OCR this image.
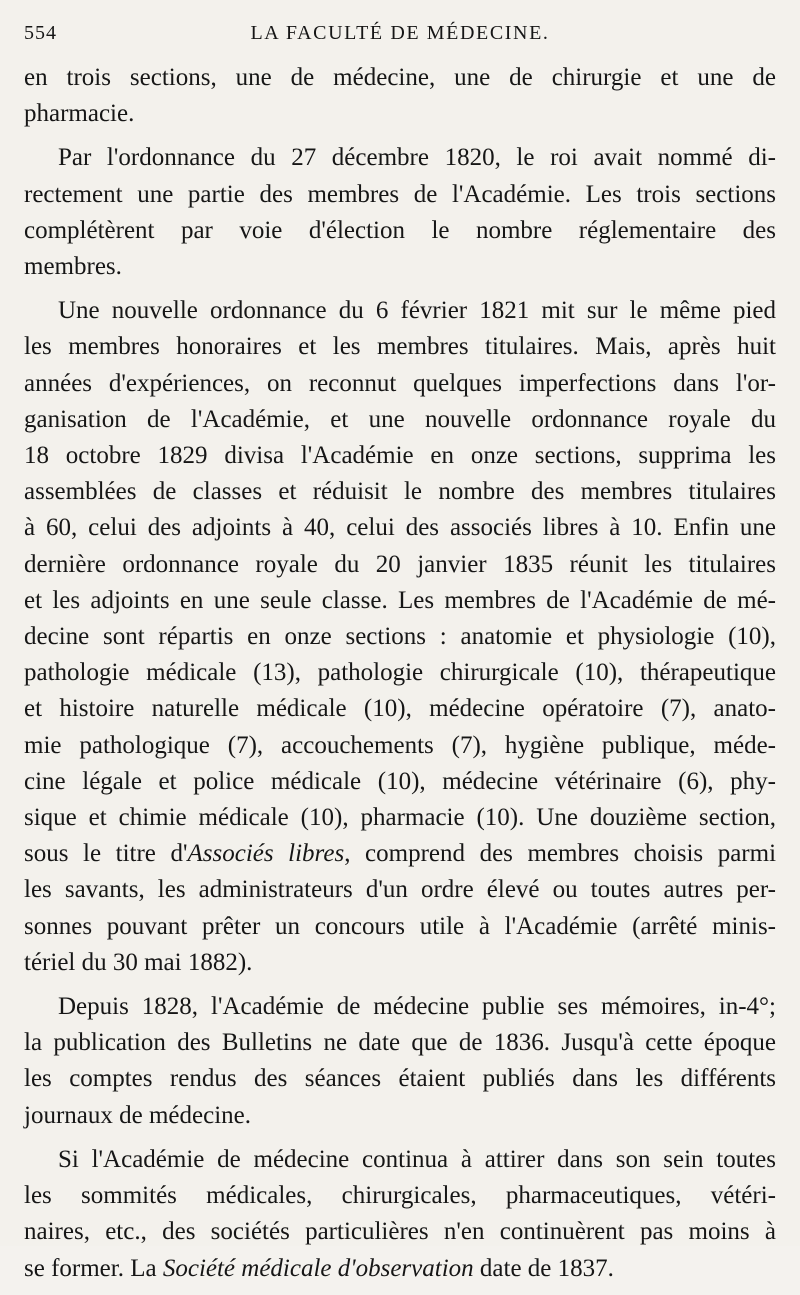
554	LA FACULTÉ DE MÉDECINE.
en trois sections, une de médecine, une de chirurgie et une de
pharmacie.
Par l'ordonnance du 27 décembre 1820, le roi avait nommé di-
rectement une partie des membres de l'Académie. Les trois sections
complétèrent par voie d'élection le nombre réglementaire des
membres.
Une nouvelle ordonnance du 6 février 1821 mit sur le même pied
les membres honoraires et les membres titulaires. Mais, après huit
années d'expériences, on reconnut quelques imperfections dans l'or-
ganisation de l'Académie, et une nouvelle ordonnance royale du
18 octobre 1829 divisa l'Académie en onze sections, supprima les
assemblées de classes et réduisit le nombre des membres titulaires
à 60, celui des adjoints à 40, celui des associés libres à 10. Enfin une
dernière ordonnance royale du 20 janvier 1835 réunit les titulaires
et les adjoints en une seule classe. Les membres de l'Académie de mé-
decine sont répartis en onze sections : anatomie et physiologie (10),
pathologie médicale (13), pathologie chirurgicale (10), thérapeutique
et histoire naturelle médicale (10), médecine opératoire (7), anato-
mie pathologique (7), accouchements (7), hygiène publique, méde-
cine légale et police médicale (10), médecine vétérinaire (6), phy-
sique et chimie médicale (10), pharmacie (10). Une douzième section,
sous le titre d'Associés libres, comprend des membres choisis parmi
les savants, les administrateurs d'un ordre élevé ou toutes autres per-
sonnes pouvant prêter un concours utile à l'Académie (arrêté minis-
tériel du 30 mai 1882).
Depuis 1828, l'Académie de médecine publie ses mémoires, in-4°;
la publication des Bulletins ne date que de 1836. Jusqu'à cette époque
les comptes rendus des séances étaient publiés dans les différents
journaux de médecine.
Si l'Académie de médecine continua à attirer dans son sein toutes
les sommités médicales, chirurgicales, pharmaceutiques, vétéri-
naires, etc., des sociétés particulières n'en continuèrent pas moins à
se former. La Société médicale d'observation date de 1837.
